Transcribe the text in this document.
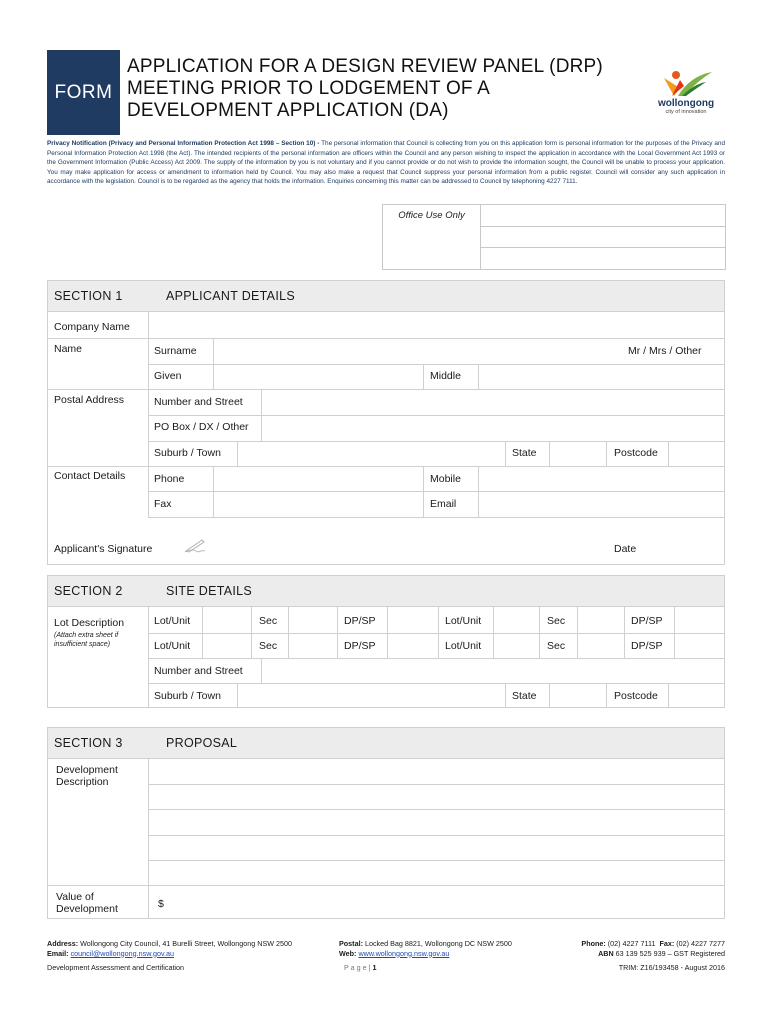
FORM
APPLICATION FOR A DESIGN REVIEW PANEL (DRP)
MEETING PRIOR TO LODGEMENT OF A
DEVELOPMENT APPLICATION (DA)	wollongong
city of innovation
Privacy Notification (Privacy and Personal Information Protection Act 1998 – Section 10) - The personal information that Council is collecting from you on this application form is personal information for the purposes of the Privacy and Personal Information Protection Act 1998 (the Act). The intended recipients of the personal information are officers within the Council and any person wishing to inspect the application in accordance with the Local Government Act 1993 or the Government Information (Public Access) Act 2009. The supply of the information by you is not voluntary and if you cannot provide or do not wish to provide the information sought, the Council will be unable to process your application. You may make application for access or amendment to information held by Council. You may also make a request that Council suppress your personal information from a public register. Council will consider any such application in accordance with the legislation. Council is to be regarded as the agency that holds the information. Enquiries concerning this matter can be addressed to Council by telephoning 4227 7111.
Office Use Only
SECTION 1	APPLICANT DETAILS
Company Name
Name	Surname	Mr / Mrs / Other
Given	Middle
Postal Address	Number and Street
PO Box / DX / Other
Suburb / Town	State	Postcode
Contact Details	Phone	Mobile
Fax	Email
Applicant's Signature	Date
SECTION 2	SITE DETAILS
Lot Description
(Attach extra sheet if insufficient space)
Lot/Unit	Sec	DP/SP	Lot/Unit	Sec	DP/SP
Lot/Unit	Sec	DP/SP	Lot/Unit	Sec	DP/SP
Number and Street
Suburb / Town	State	Postcode
SECTION 3	PROPOSAL
Development Description
Value of Development	$
Address: Wollongong City Council, 41 Burelli Street, Wollongong NSW 2500
Email: council@wollongong.nsw.gov.au
Postal: Locked Bag 8821, Wollongong DC NSW 2500
Web: www.wollongong.nsw.gov.au
Phone: (02) 4227 7111 Fax: (02) 4227 7277
ABN 63 139 525 939 – GST Registered
Development Assessment and Certification	P a g e | 1	TRIM: Z16/193458 - August 2016
